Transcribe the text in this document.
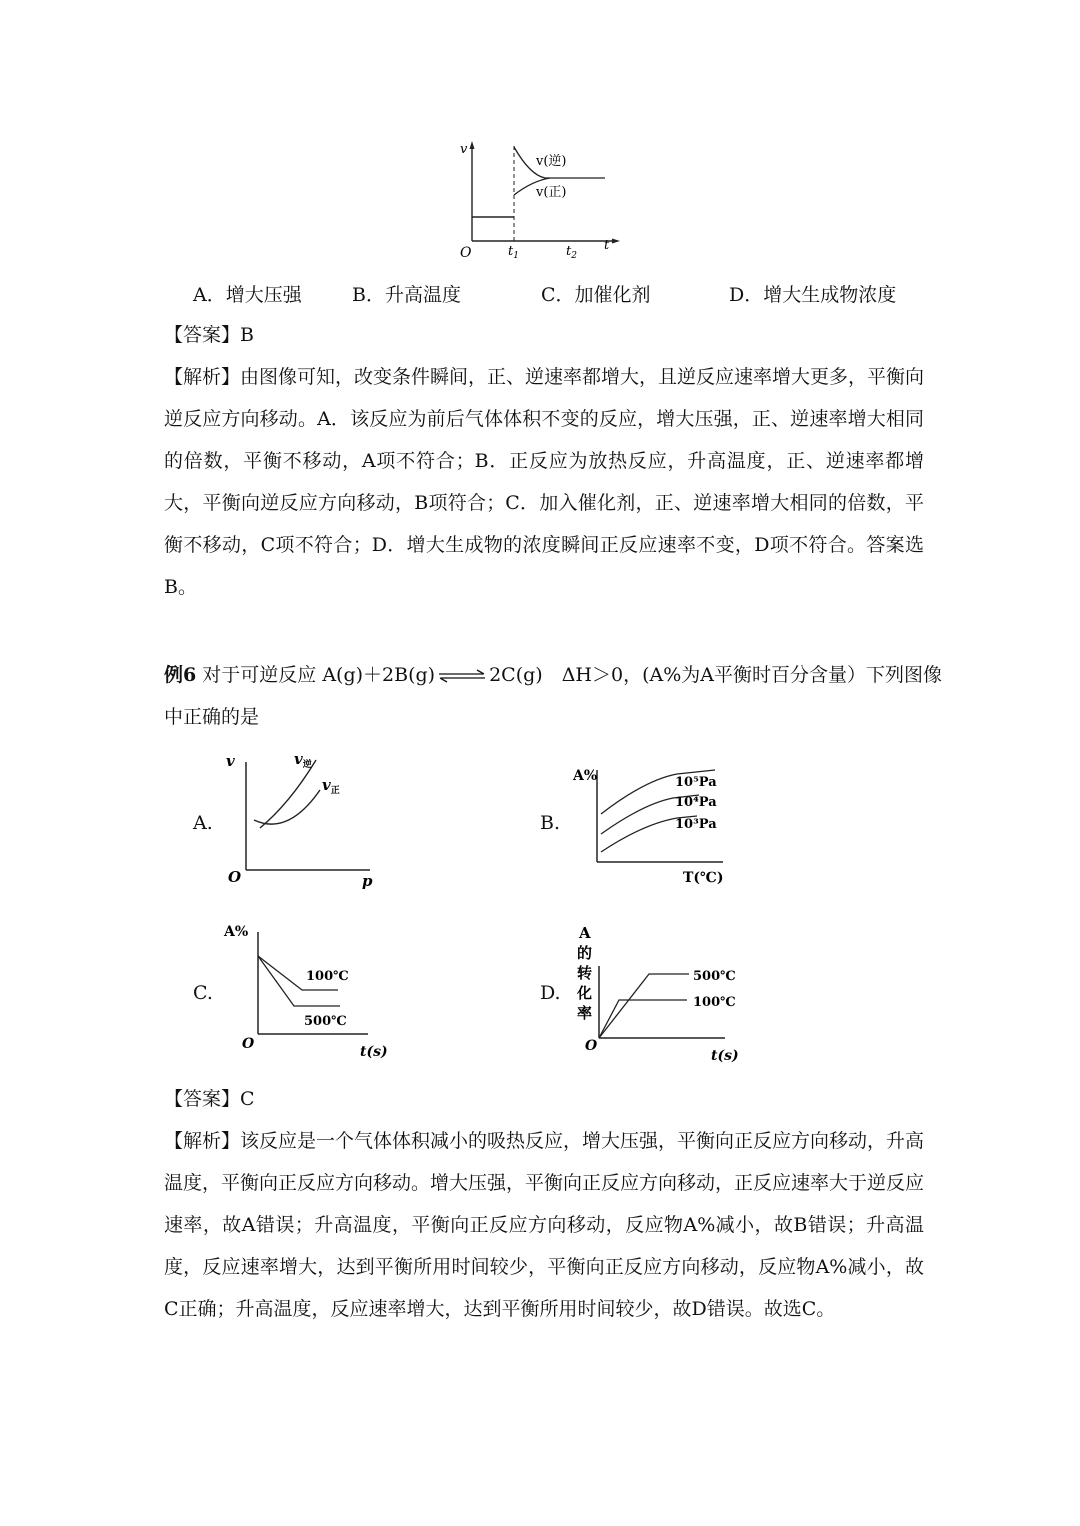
v
O	$t_1$	$t_2$
t
v(逆)
v(正)
A．增大压强	B．升高温度	C．加催化剂	D．增大生成物浓度
【答案】B

【解析】由图像可知，改变条件瞬间，正、逆速率都增大，且逆反应速率增大更多，平衡向逆反应方向移动。A．该反应为前后气体体积不变的反应，增大压强，正、逆速率增大相同的倍数，平衡不移动，A项不符合；B．正反应为放热反应，升高温度，正、逆速率都增大，平衡向逆反应方向移动，B项符合；C．加入催化剂，正、逆速率增大相同的倍数，平衡不移动，C项不符合；D．增大生成物的浓度瞬间正反应速率不变，D项不符合。答案选B。

例6 对于可逆反应 A(g)＋2B(g) ⇌ 2C(g)　ΔH＞0，(A%为A平衡时百分含量）下列图像
中正确的是
A.
v
O	p
$v_逆$
$v_正$
B.
A%
T(℃)
10⁵Pa
10⁴Pa
10³Pa
C.
A%
O	t(s)
100℃
500℃
D.
A
的
转
化
率
O
t(s)
500℃
100℃
【答案】C

【解析】该反应是一个气体体积减小的吸热反应，增大压强，平衡向正反应方向移动，升高温度，平衡向正反应方向移动。增大压强，平衡向正反应方向移动，正反应速率大于逆反应速率，故A错误；升高温度，平衡向正反应方向移动，反应物A%减小，故B错误；升高温度，反应速率增大，达到平衡所用时间较少，平衡向正反应方向移动，反应物A%减小，故C正确；升高温度，反应速率增大，达到平衡所用时间较少，故D错误。故选C。
